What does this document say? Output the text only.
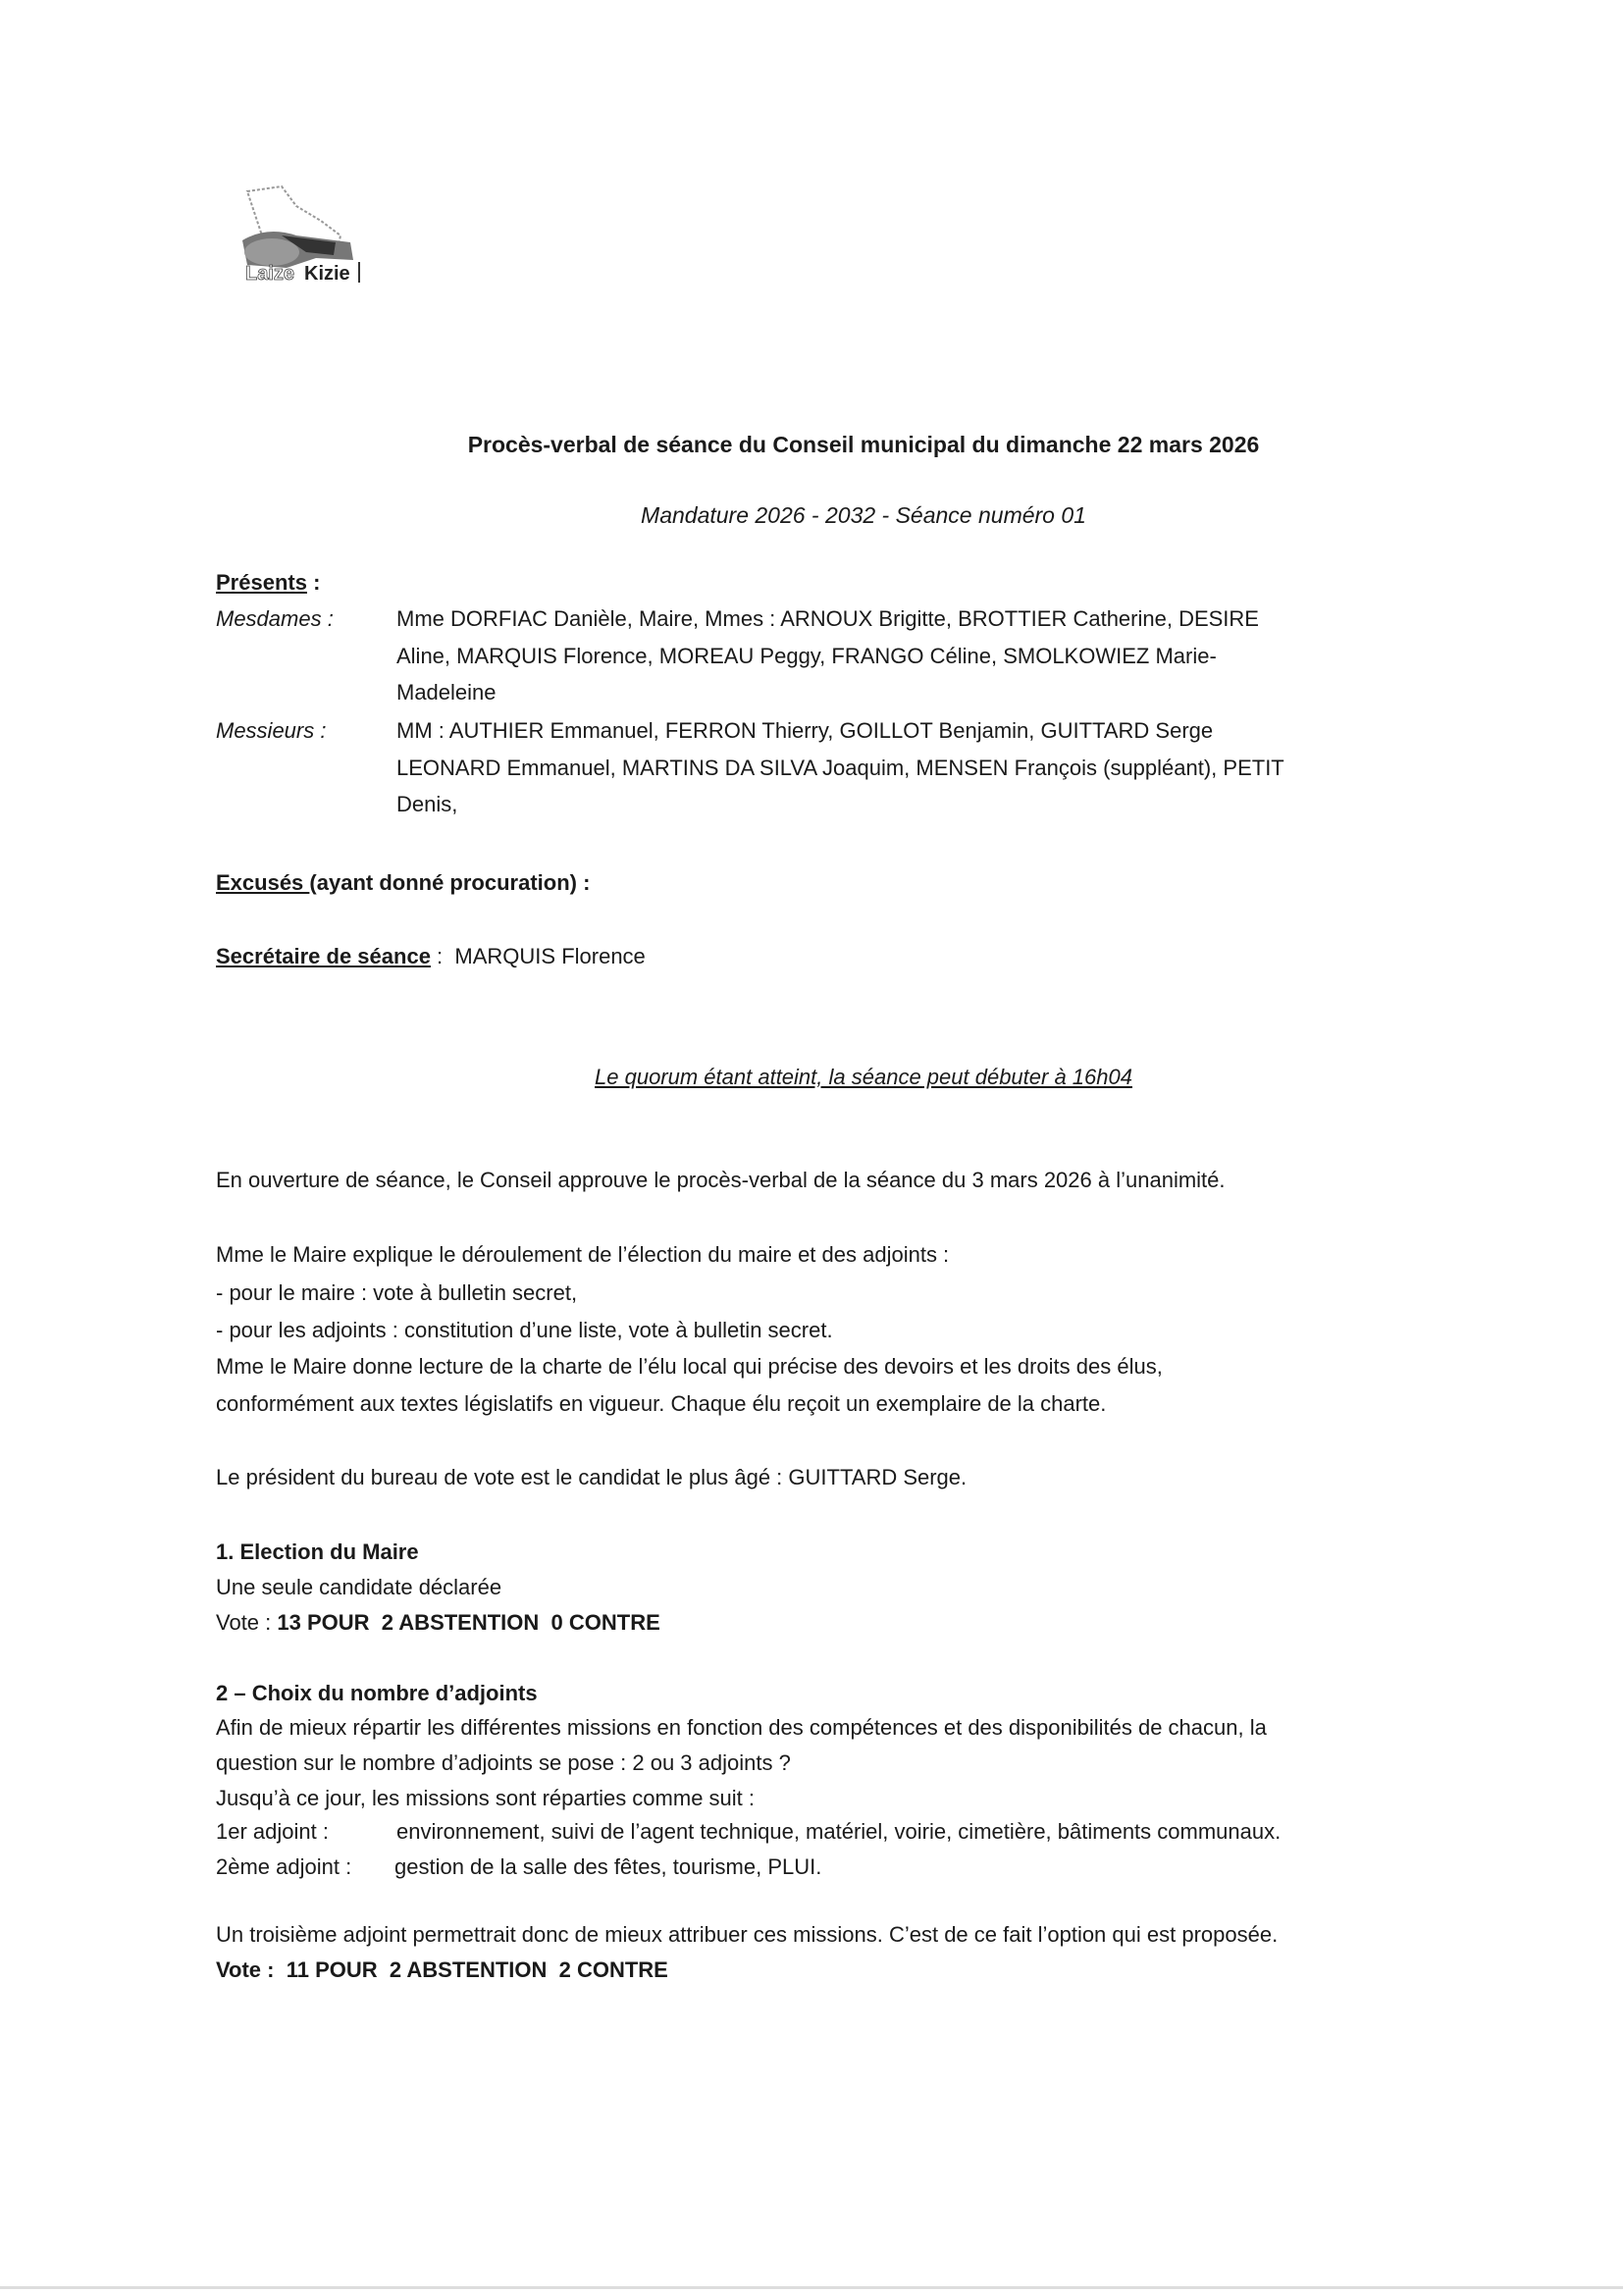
Laize Kizie
Procès-verbal de séance du Conseil municipal du dimanche 22 mars 2026
Mandature 2026 - 2032 - Séance numéro 01
Présents :
Mesdames :	Mme DORFIAC Danièle, Maire, Mmes : ARNOUX Brigitte, BROTTIER Catherine, DESIRE
Aline, MARQUIS Florence, MOREAU Peggy, FRANGO Céline, SMOLKOWIEZ Marie-
Madeleine
Messieurs :	MM : AUTHIER Emmanuel, FERRON Thierry, GOILLOT Benjamin, GUITTARD Serge
LEONARD Emmanuel, MARTINS DA SILVA Joaquim, MENSEN François (suppléant), PETIT
Denis,
Excusés (ayant donné procuration) :
Secrétaire de séance : MARQUIS Florence
Le quorum étant atteint, la séance peut débuter à 16h04
En ouverture de séance, le Conseil approuve le procès-verbal de la séance du 3 mars 2026 à l’unanimité.
Mme le Maire explique le déroulement de l’élection du maire et des adjoints :
- pour le maire : vote à bulletin secret,
- pour les adjoints : constitution d’une liste, vote à bulletin secret.
Mme le Maire donne lecture de la charte de l’élu local qui précise des devoirs et les droits des élus,
conformément aux textes législatifs en vigueur. Chaque élu reçoit un exemplaire de la charte.
Le président du bureau de vote est le candidat le plus âgé : GUITTARD Serge.
1. Election du Maire
Une seule candidate déclarée
Vote : 13 POUR  2 ABSTENTION  0 CONTRE
2 – Choix du nombre d’adjoints
Afin de mieux répartir les différentes missions en fonction des compétences et des disponibilités de chacun, la
question sur le nombre d’adjoints se pose : 2 ou 3 adjoints ?
Jusqu’à ce jour, les missions sont réparties comme suit :
1er adjoint :	environnement, suivi de l’agent technique, matériel, voirie, cimetière, bâtiments communaux.
2ème adjoint : gestion de la salle des fêtes, tourisme, PLUI.
Un troisième adjoint permettrait donc de mieux attribuer ces missions. C’est de ce fait l’option qui est proposée.
Vote :  11 POUR  2 ABSTENTION  2 CONTRE
